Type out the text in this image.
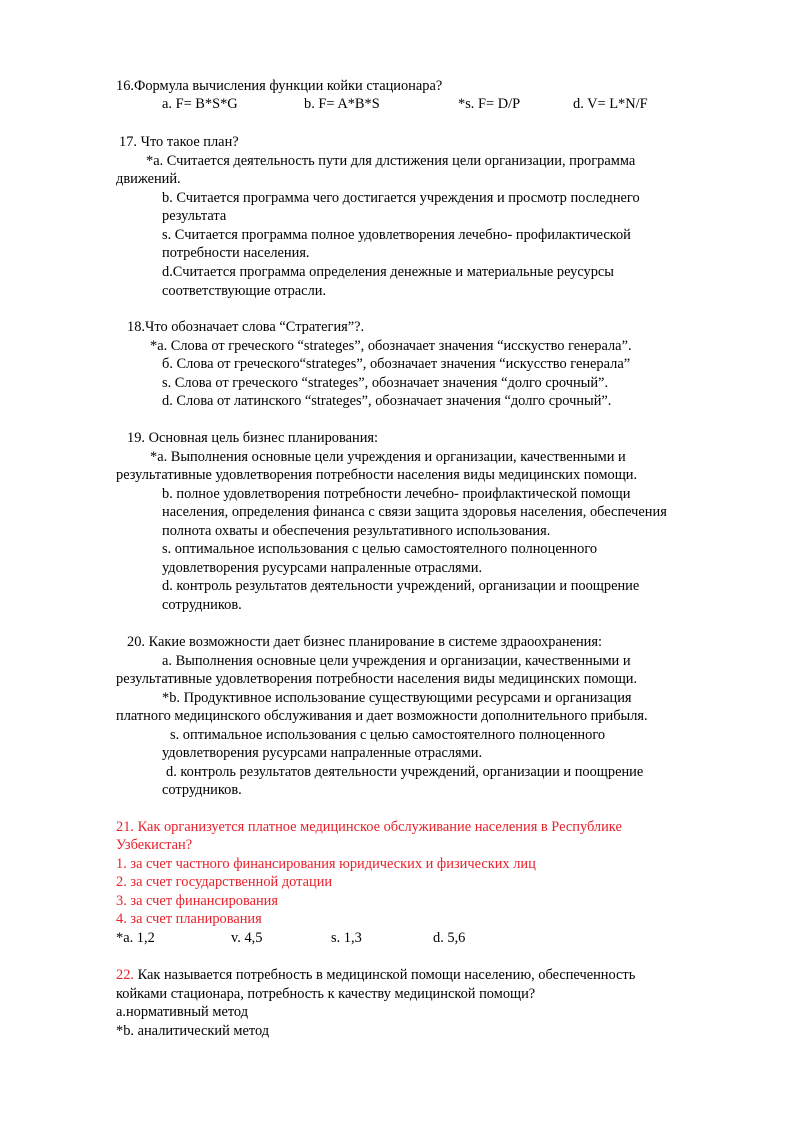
16.Формула вычисления функции койки стационара?
a. F= B*S*G	b. F= A*B*S	*s. F= D/P	d. V= L*N/F
17. Что такое план?
*a. Считается деятельность пути для длстижения цели организации, программа
движений.
b. Считается программа чего достигается учреждения и просмотр последнего
результата
s. Считается программа полное удовлетворения лечебно- профилактической
потребности населения.
d.Считается программа определения денежные и материальные реусурсы
соответствующие отрасли.
18.Что обозначает слова “Стратегия”?.
*a. Слова от греческого “strateges”, обозначает значения “исскуство генерала”.
б. Слова от греческого“strateges”, обозначает значения “искусство генерала”
s. Слова от греческого “strateges”, обозначает значения “долго срочный”.
d. Слова от латинского “strateges”, обозначает значения “долго срочный”.
19. Основная цель бизнес планирования:
*a. Выполнения основные цели учреждения и организации, качественными и
результативные удовлетворения потребности населения виды медицинских помощи.
b. полное удовлетворения потребности лечебно- проифлактической помощи
населения, определения финанса с связи защита здоровья населения, обеспечения
полнота охваты и обеспечения результативного использования.
s. оптимальное использования с целью самостоятелного полноценного
удовлетворения русурсами напраленные отраслями.
d. контроль результатов деятельности учреждений, организации и поощрение
сотрудников.
20. Какие возможности дает бизнес планирование в системе здраоохранения:
a. Выполнения основные цели учреждения и организации, качественными и
результативные удовлетворения потребности населения виды медицинских помощи.
*b. Продуктивное использование существующими ресурсами и организация
платного медицинского обслуживания и дает возможности дополнительного прибыля.
s. оптимальное использования с целью самостоятелного полноценного
удовлетворения русурсами напраленные отраслями.
d. контроль результатов деятельности учреждений, организации и поощрение
сотрудников.
21. Как организуется платное медицинское обслуживание населения в Республике
Узбекистан?
1. за счет частного финансирования юридических и физических лиц
2. за счет государственной дотации
3. за счет финансирования
4. за счет планирования
*a. 1,2	v. 4,5	s. 1,3	d. 5,6
22. Как называется потребность в медицинской помощи населению, обеспеченность
койками стационара, потребность к качеству медицинской помощи?
a.нормативный метод
*b. аналитический метод
